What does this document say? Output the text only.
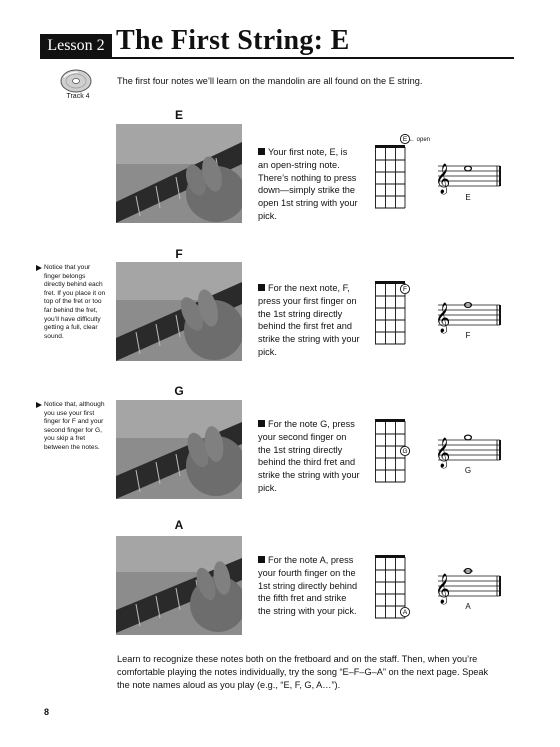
Lesson 2 The First String: E
Track 4
The first four notes we’ll learn on the mandolin are all found on the E string.
E
Your first note, E, is an open-string note. There’s nothing to press down—simply strike the open 1st string with your pick.
E ← open
𝄞
E
F
Notice that your finger belongs directly behind each fret. If you place it on top of the fret or too far behind the fret, you’ll have difficulty getting a full, clear sound.
For the next note, F, press your first finger on the 1st string directly behind the first fret and strike the string with your pick.
F
𝄞
F
G
Notice that, although you use your first finger for F and your second finger for G, you skip a fret between the notes.
For the note G, press your second finger on the 1st string directly behind the third fret and strike the string with your pick.
G 𝄞
G
A
For the note A, press your fourth finger on the 1st string directly behind the fifth fret and strike the string with your pick.	A
𝄞
A
Learn to recognize these notes both on the fretboard and on the staff. Then, when you’re comfortable playing the notes individually, try the song “E–F–G–A” on the next page. Speak the note names aloud as you play (e.g., “E, F, G, A…”).
8
